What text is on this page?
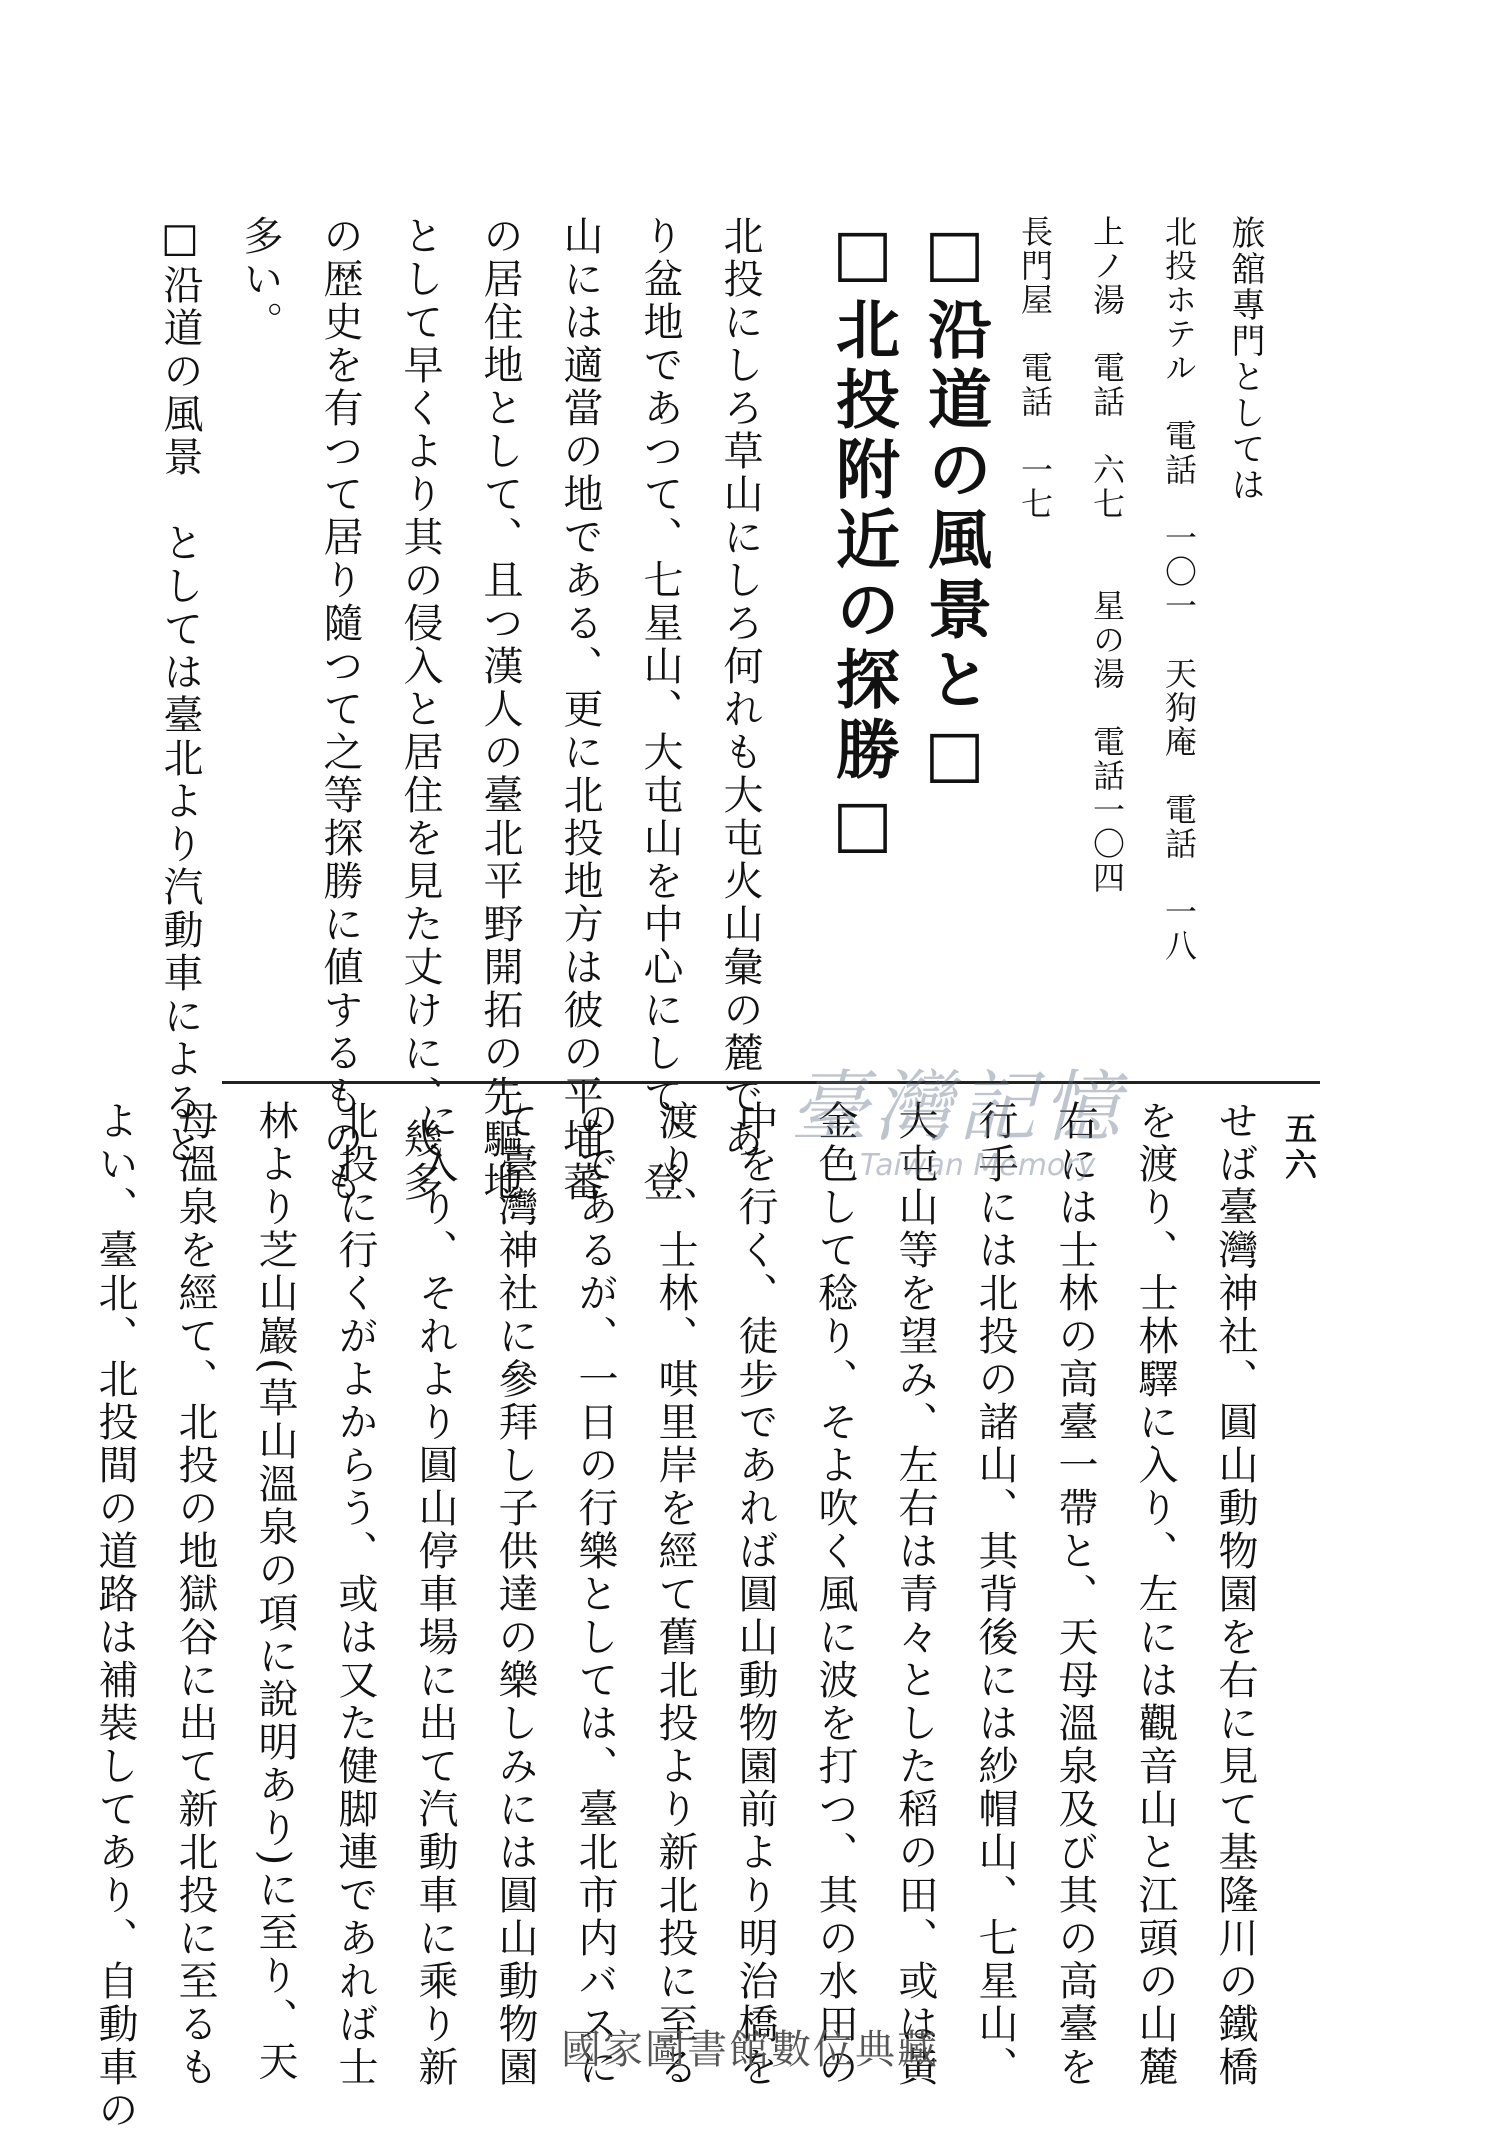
旅舘專門としては
北投ホテル　電話　一〇一　天狗庵　電話　一八
上ノ湯　電話　六七　　星の湯　電話一〇四
長門屋　電話　一七
□沿道の風景と□
□北投附近の探勝□
北投にしろ草山にしろ何れも大屯火山彙の麓であ
り盆地であつて、七星山、大屯山を中心にして、登
山には適當の地である、更に北投地方は彼の平埔蕃
の居住地として、且つ漢人の臺北平野開拓の先驅地
として早くより其の侵入と居住を見た丈けに、幾多
の歴史を有つて居り隨つて之等探勝に値するものも
多い。
□沿道の風景　としては臺北より汽動車によると	五六
せば臺灣神社、圓山動物園を右に見て基隆川の鐵橋
を渡り、士林驛に入り、左には觀音山と江頭の山麓
右には士林の高臺一帶と、天母溫泉及び其の高臺を
行手には北投の諸山、其背後には紗帽山、七星山、
大屯山等を望み、左右は青々とした稻の田、或は黃
金色して稔り、そよ吹く風に波を打つ、其の水田の
中を行く、徒步であれば圓山動物園前より明治橋を
渡り、士林、唭里岸を經て舊北投より新北投に至る
のであるが、一日の行樂としては、臺北市内バスに
て臺灣神社に參拜し子供達の樂しみには圓山動物園
に入り、それより圓山停車場に出て汽動車に乘り新
北投に行くがよからう、或は又た健脚連であれば士
林より芝山巖(草山溫泉の項に說明あり)に至り、天
母溫泉を經て、北投の地獄谷に出て新北投に至るも
よい、臺北、北投間の道路は補裝してあり、自動車の	臺灣記憶
Taiwan Memory
國家圖書館數位典藏
